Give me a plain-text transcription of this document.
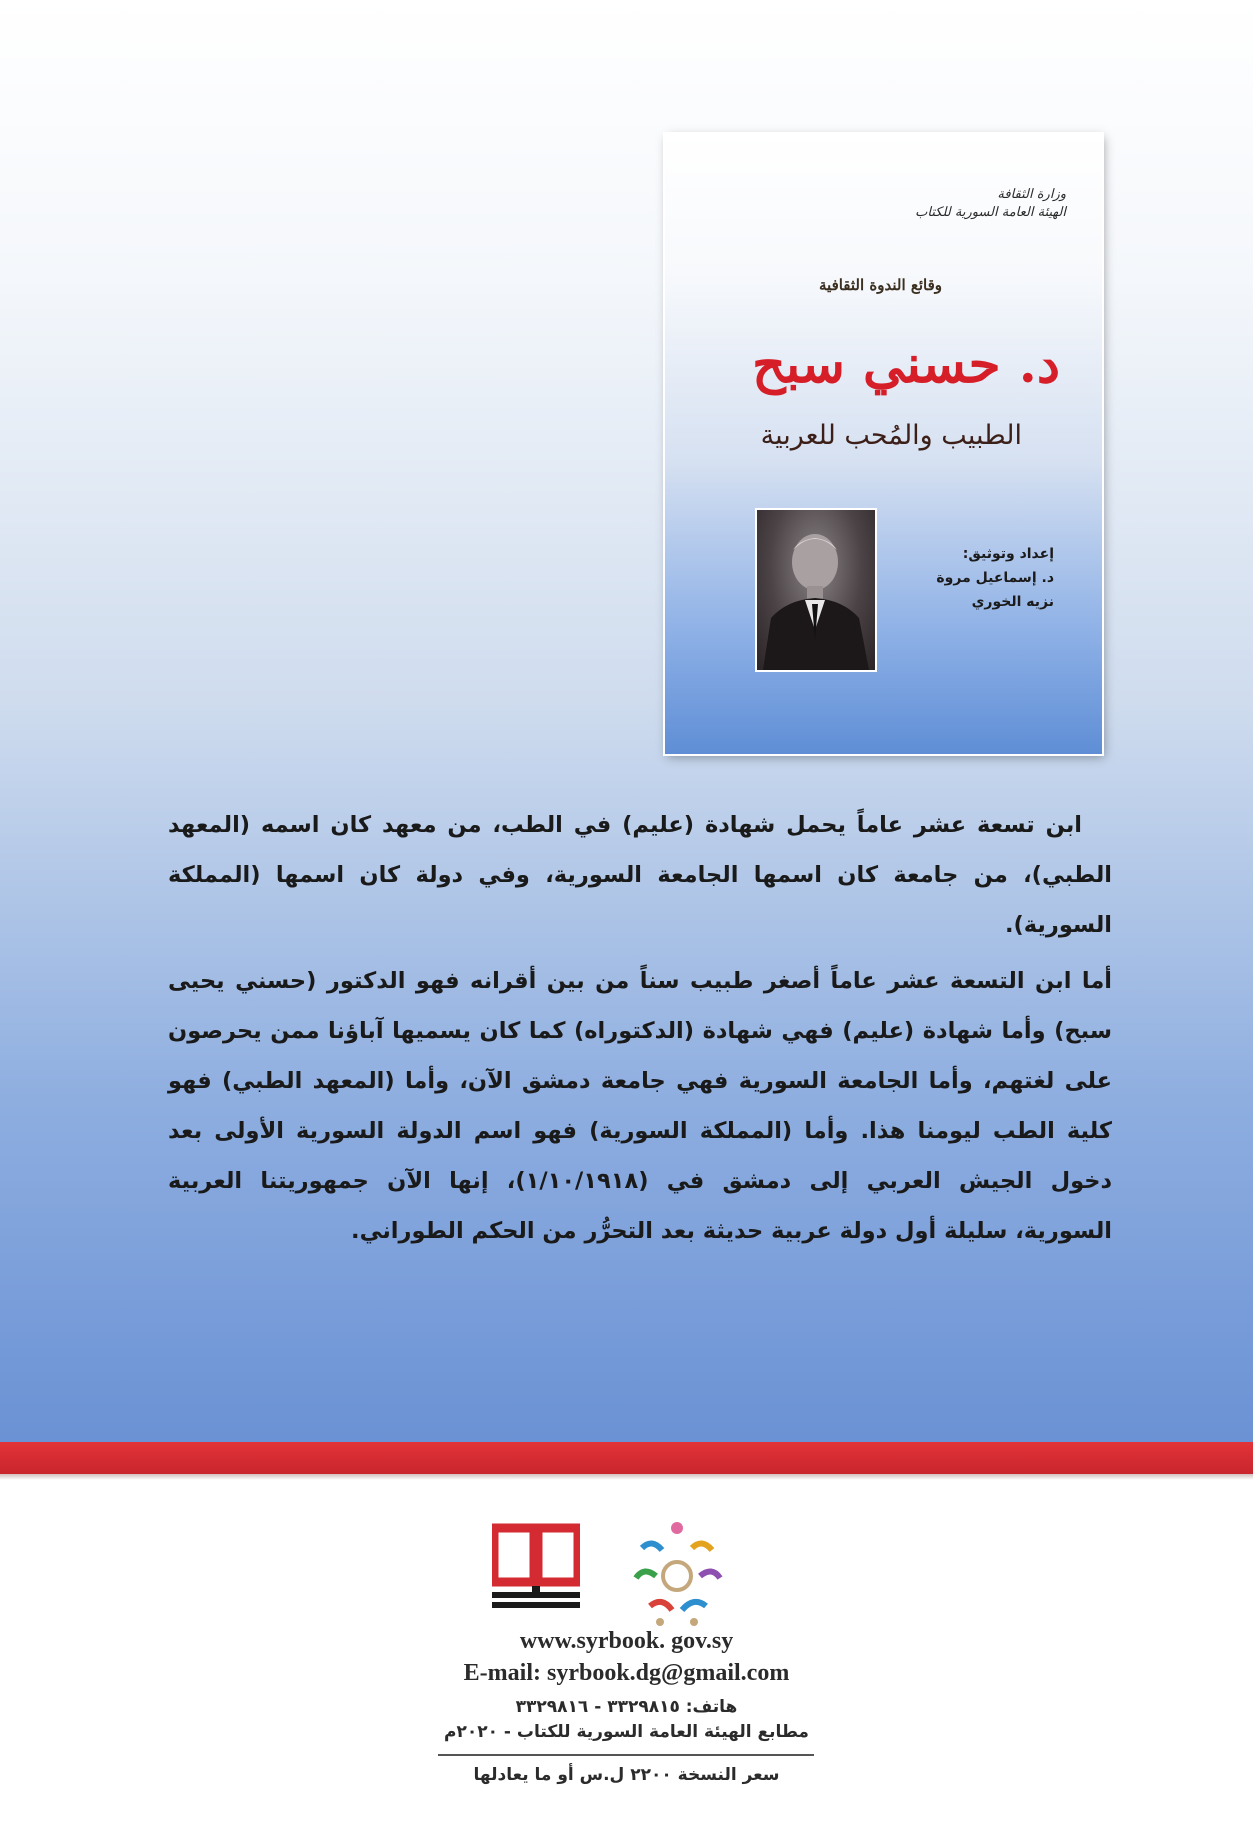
وزارة الثقافة
الهيئة العامة السورية للكتاب
وقائع الندوة الثقافية
د. حسني سبح
الطبيب والمُحب للعربية
إعداد وتوثيق:
د. إسماعيل مروة
نزيه الخوري

ابن تسعة عشر عاماً يحمل شهادة (عليم) في الطب، من معهد كان اسمه (المعهد الطبي)، من جامعة كان اسمها الجامعة السورية، وفي دولة كان اسمها (المملكة السورية).

أما ابن التسعة عشر عاماً أصغر طبيب سناً من بين أقرانه فهو الدكتور (حسني يحيى سبح) وأما شهادة (عليم) فهي شهادة (الدكتوراه) كما كان يسميها آباؤنا ممن يحرصون على لغتهم، وأما الجامعة السورية فهي جامعة دمشق الآن، وأما (المعهد الطبي) فهو كلية الطب ليومنا هذا. وأما (المملكة السورية) فهو اسم الدولة السورية الأولى بعد دخول الجيش العربي إلى دمشق في (١/١٠/١٩١٨)، إنها الآن جمهوريتنا العربية السورية، سليلة أول دولة عربية حديثة بعد التحرُّر من الحكم الطوراني.

www.syrbook. gov.sy
E-mail: syrbook.dg@gmail.com
هاتف: ٣٣٢٩٨١٥ - ٣٣٢٩٨١٦
مطابع الهيئة العامة السورية للكتاب - ٢٠٢٠م
سعر النسخة ٢٢٠٠ ل.س أو ما يعادلها
